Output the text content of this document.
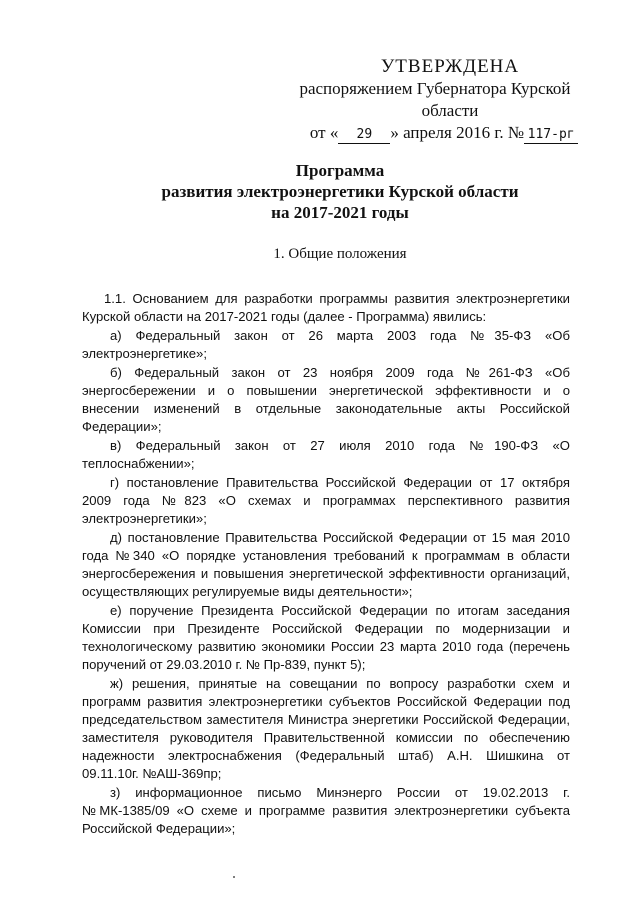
УТВЕРЖДЕНА
распоряжением Губернатора Курской
области
от « 29 » апреля 2016 г. № 117-рг
Программа
развития электроэнергетики Курской области
на 2017-2021 годы
1. Общие положения

1.1. Основанием для разработки программы развития электроэнергетики Курской области на 2017-2021 годы (далее - Программа) явились:

а) Федеральный закон от 26 марта 2003 года №35-ФЗ «Об электроэнергетике»;

б) Федеральный закон от 23 ноября 2009 года №261-ФЗ «Об энергосбережении и о повышении энергетической эффективности и о внесении изменений в отдельные законодательные акты Российской Федерации»;

в) Федеральный закон от 27 июля 2010 года №190-ФЗ «О теплоснабжении»;

г) постановление Правительства Российской Федерации от 17 октября 2009 года №823 «О схемах и программах перспективного развития электроэнергетики»;

д) постановление Правительства Российской Федерации от 15 мая 2010 года №340 «О порядке установления требований к программам в области энергосбережения и повышения энергетической эффективности организаций, осуществляющих регулируемые виды деятельности»;

е) поручение Президента Российской Федерации по итогам заседания Комиссии при Президенте Российской Федерации по модернизации и технологическому развитию экономики России 23 марта 2010 года (перечень поручений от 29.03.2010 г. № Пр-839, пункт 5);

ж) решения, принятые на совещании по вопросу разработки схем и программ развития электроэнергетики субъектов Российской Федерации под председательством заместителя Министра энергетики Российской Федерации, заместителя руководителя Правительственной комиссии по обеспечению надежности электроснабжения (Федеральный штаб) А.Н. Шишкина от 09.11.10г. №АШ-369пр;

з) информационное письмо Минэнерго России от 19.02.2013 г. №МК-1385/09 «О схеме и программе развития электроэнергетики субъекта Российской Федерации»;
